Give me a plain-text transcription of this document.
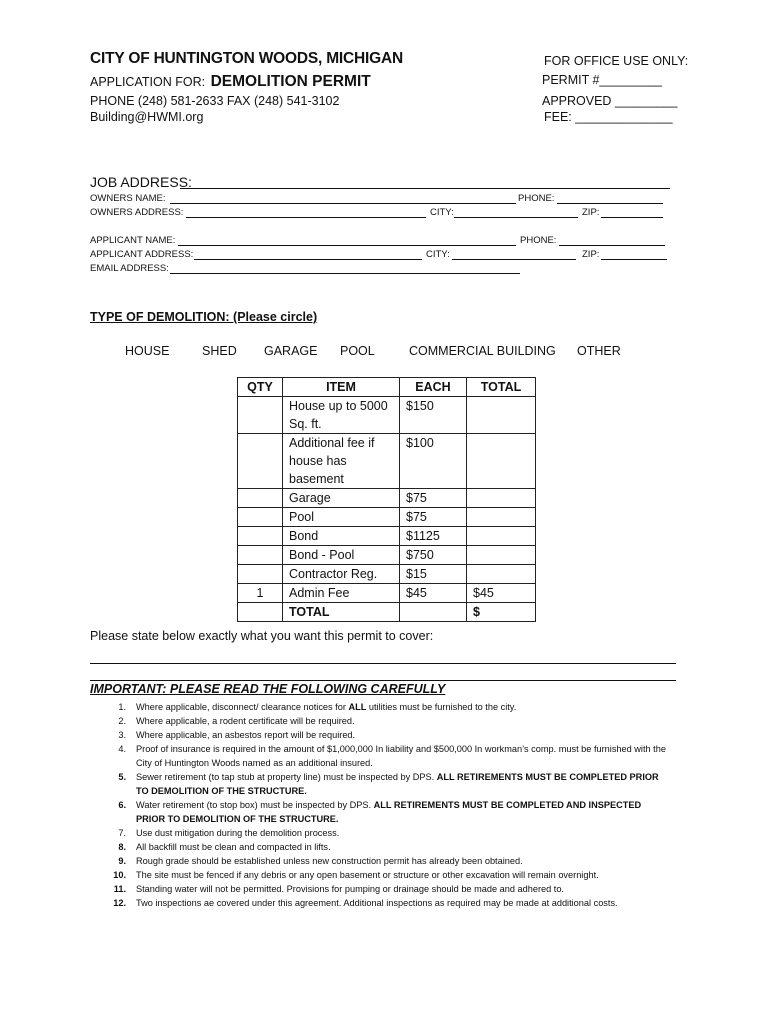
CITY OF HUNTINGTON WOODS, MICHIGAN
APPLICATION FOR: DEMOLITION PERMIT
PHONE (248) 581-2633 FAX (248) 541-3102
Building@HWMI.org
FOR OFFICE USE ONLY:
PERMIT #_________
APPROVED _________
FEE: ______________
JOB ADDRESS:
OWNERS NAME:	PHONE:
OWNERS ADDRESS:	CITY:	ZIP:
APPLICANT NAME:	PHONE:
APPLICANT ADDRESS:	CITY:	ZIP:
EMAIL ADDRESS:
TYPE OF DEMOLITION: (Please circle)
HOUSE	SHED GARAGE POOL	COMMERCIAL BUILDING OTHER
QTY	ITEM	EACH	TOTAL
	House up to 5000 Sq. ft.	$150	
	Additional fee if house has basement	$100	
	Garage	$75	
	Pool	$75	
	Bond	$1125	
	Bond - Pool	$750	
	Contractor Reg.	$15	
1	Admin Fee	$45	$45
	TOTAL		$
Please state below exactly what you want this permit to cover:
IMPORTANT: PLEASE READ THE FOLLOWING CAREFULLY
1. Where applicable, disconnect/ clearance notices for ALL utilities must be furnished to the city.
2. Where applicable, a rodent certificate will be required.
3. Where applicable, an asbestos report will be required.
4. Proof of insurance is required in the amount of $1,000,000 In liability and $500,000 In workman’s comp. must be furnished with the City of Huntington Woods named as an additional insured.
5. Sewer retirement (to tap stub at property line) must be inspected by DPS. ALL RETIREMENTS MUST BE COMPLETED PRIOR TO DEMOLITION OF THE STRUCTURE.
6. Water retirement (to stop box) must be inspected by DPS. ALL RETIREMENTS MUST BE COMPLETED AND INSPECTED PRIOR TO DEMOLITION OF THE STRUCTURE.
7. Use dust mitigation during the demolition process.
8. All backfill must be clean and compacted in lifts.
9. Rough grade should be established unless new construction permit has already been obtained.
10. The site must be fenced if any debris or any open basement or structure or other excavation will remain overnight.
11. Standing water will not be permitted. Provisions for pumping or drainage should be made and adhered to.
12. Two inspections ae covered under this agreement. Additional inspections as required may be made at additional costs.
